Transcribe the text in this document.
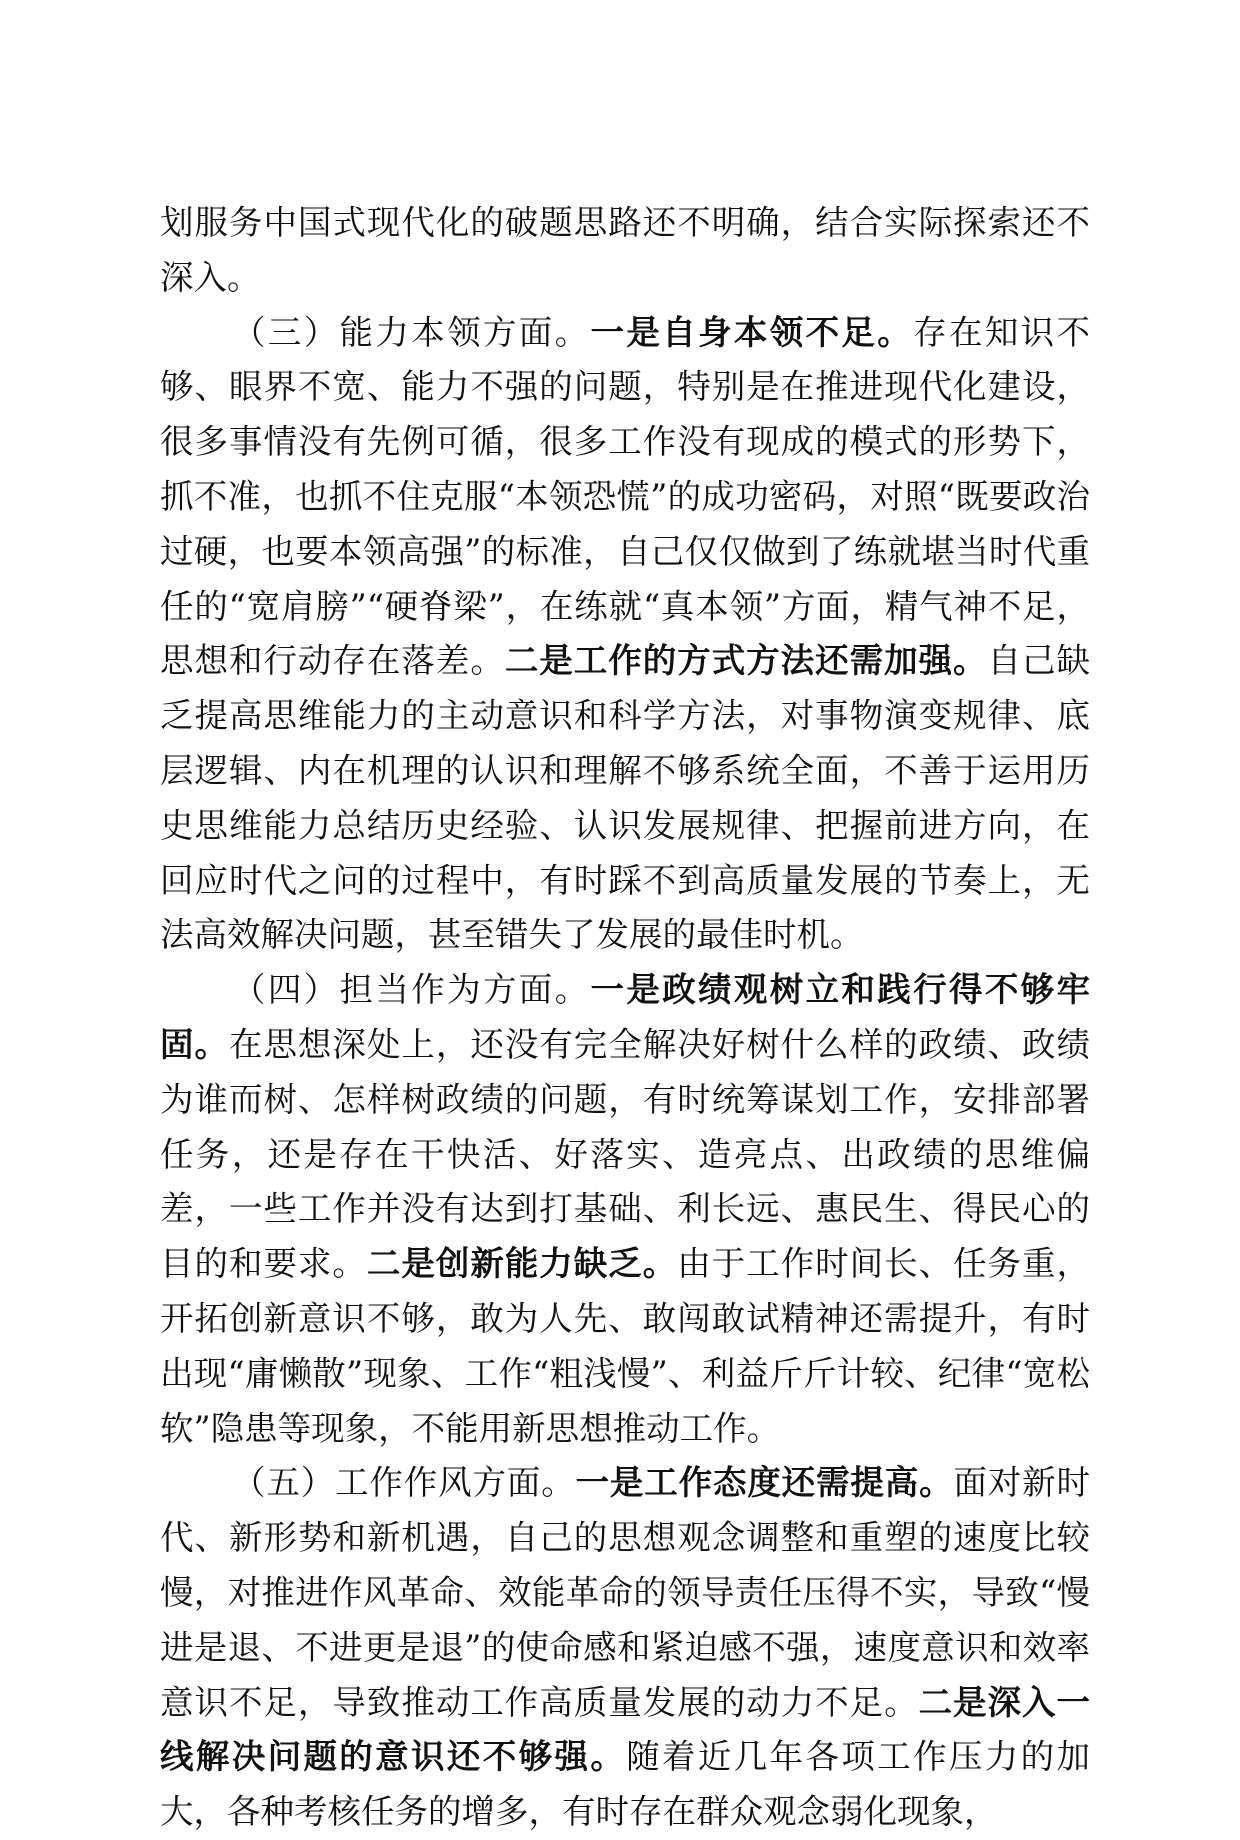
划服务中国式现代化的破题思路还不明确，结合实际探索还不深入。

（三）能力本领方面。一是自身本领不足。存在知识不够、眼界不宽、能力不强的问题，特别是在推进现代化建设，很多事情没有先例可循，很多工作没有现成的模式的形势下，抓不准，也抓不住克服“本领恐慌”的成功密码，对照“既要政治过硬，也要本领高强”的标准，自己仅仅做到了练就堪当时代重任的“宽肩膀”“硬脊梁”，在练就“真本领”方面，精气神不足，思想和行动存在落差。二是工作的方式方法还需加强。自己缺乏提高思维能力的主动意识和科学方法，对事物演变规律、底层逻辑、内在机理的认识和理解不够系统全面，不善于运用历史思维能力总结历史经验、认识发展规律、把握前进方向，在回应时代之问的过程中，有时踩不到高质量发展的节奏上，无法高效解决问题，甚至错失了发展的最佳时机。

（四）担当作为方面。一是政绩观树立和践行得不够牢固。在思想深处上，还没有完全解决好树什么样的政绩、政绩为谁而树、怎样树政绩的问题，有时统筹谋划工作，安排部署任务，还是存在干快活、好落实、造亮点、出政绩的思维偏差，一些工作并没有达到打基础、利长远、惠民生、得民心的目的和要求。二是创新能力缺乏。由于工作时间长、任务重，开拓创新意识不够，敢为人先、敢闯敢试精神还需提升，有时出现“庸懒散”现象、工作“粗浅慢”、利益斤斤计较、纪律“宽松软”隐患等现象，不能用新思想推动工作。

（五）工作作风方面。一是工作态度还需提高。面对新时代、新形势和新机遇，自己的思想观念调整和重塑的速度比较慢，对推进作风革命、效能革命的领导责任压得不实，导致“慢进是退、不进更是退”的使命感和紧迫感不强，速度意识和效率意识不足，导致推动工作高质量发展的动力不足。二是深入一线解决问题的意识还不够强。随着近几年各项工作压力的加大，各种考核任务的增多，有时存在群众观念弱化现象，
